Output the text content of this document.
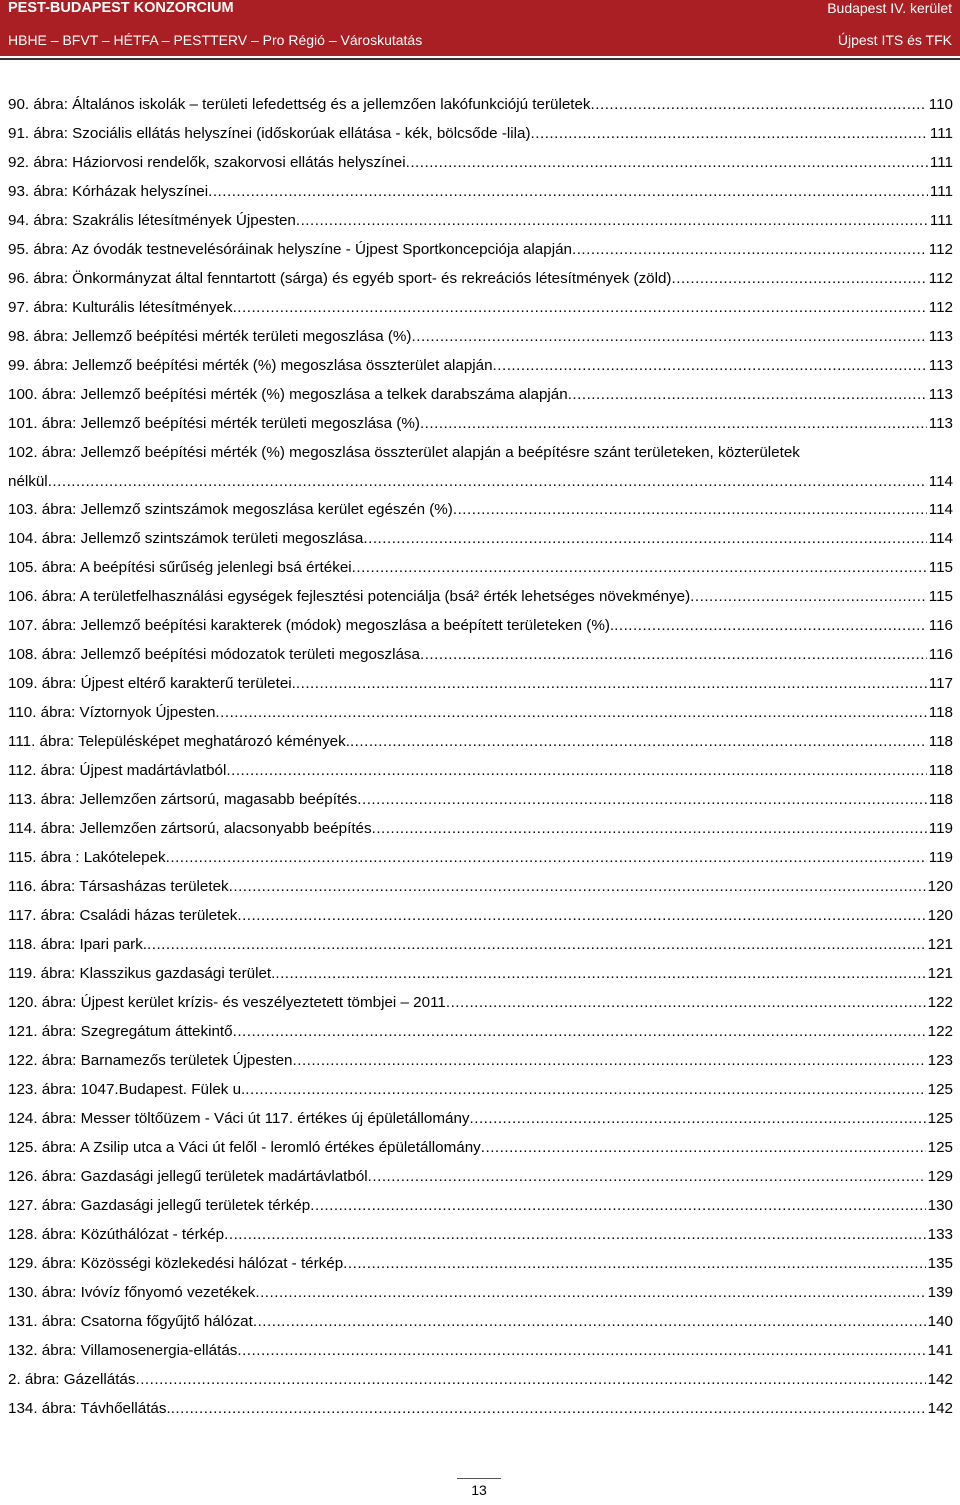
PEST-BUDAPEST KONZORCIUM	Budapest IV. kerület
HBHE – BFVT – HÉTFA – PESTTERV – Pro Régió – Városkutatás	Újpest ITS és TFK
90. ábra: Általános iskolák – területi lefedettség és a jellemzően lakófunkciójú területek .....	110
91. ábra: Szociális ellátás helyszínei (időskorúak ellátása - kék, bölcsőde -lila) .....	111
92. ábra: Háziorvosi rendelők, szakorvosi ellátás helyszínei .....	111
93. ábra: Kórházak helyszínei .....	111
94. ábra: Szakrális létesítmények Újpesten .....	111
95. ábra: Az óvodák testnevelésóráinak helyszíne - Újpest Sportkoncepciója alapján .....	112
96. ábra: Önkormányzat által fenntartott (sárga) és egyéb sport- és rekreációs létesítmények (zöld) .....	112
97. ábra: Kulturális létesítmények .....	112
98. ábra: Jellemző beépítési mérték területi megoszlása (%) .....	113
99. ábra: Jellemző beépítési mérték (%) megoszlása összterület alapján .....	113
100. ábra: Jellemző beépítési mérték (%) megoszlása a telkek darabszáma alapján .....	113
101. ábra: Jellemző beépítési mérték területi megoszlása (%) .....	113
102. ábra: Jellemző beépítési mérték (%) megoszlása összterület alapján a beépítésre szánt területeken, közterületek
nélkül .....	114
103. ábra: Jellemző szintszámok megoszlása kerület egészén (%) .....	114
104. ábra: Jellemző szintszámok területi megoszlása .....	114
105. ábra: A beépítési sűrűség jelenlegi bsá értékei .....	115
106. ábra: A területfelhasználási egységek fejlesztési potenciálja (bsá² érték lehetséges növekménye) .....	115
107. ábra: Jellemző beépítési karakterek (módok) megoszlása a beépített területeken (%). .....	116
108. ábra: Jellemző beépítési módozatok területi megoszlása .....	116
109. ábra: Újpest eltérő karakterű területei. .....	117
110. ábra: Víztornyok Újpesten .....	118
111. ábra: Településképet meghatározó kémények. .....	118
112. ábra: Újpest madártávlatból .....	118
113. ábra: Jellemzően zártsorú, magasabb beépítés .....	118
114. ábra: Jellemzően zártsorú, alacsonyabb beépítés .....	119
115. ábra : Lakótelepek .....	119
116. ábra: Társasházas területek .....	120
117. ábra: Családi házas területek .....	120
118. ábra: Ipari park. .....	121
119. ábra: Klasszikus gazdasági terület. .....	121
120. ábra: Újpest kerület krízis- és veszélyeztetett tömbjei – 2011 .....	122
121. ábra: Szegregátum áttekintő .....	122
122. ábra: Barnamezős területek Újpesten .....	123
123. ábra: 1047.Budapest. Fülek u. .....	125
124. ábra: Messer töltőüzem - Váci út 117. értékes új épületállomány .....	125
125. ábra: A Zsilip utca a Váci út felől - leromló értékes épületállomány .....	125
126. ábra: Gazdasági jellegű területek madártávlatból .....	129
127. ábra: Gazdasági jellegű területek térkép .....	130
128. ábra: Közúthálózat - térkép .....	133
129. ábra: Közösségi közlekedési hálózat - térkép .....	135
130. ábra: Ivóvíz főnyomó vezetékek .....	139
131. ábra: Csatorna főgyűjtő hálózat .....	140
132. ábra: Villamosenergia-ellátás .....	141
2. ábra: Gázellátás .....	142
134. ábra: Távhőellátás. .....	142
13
